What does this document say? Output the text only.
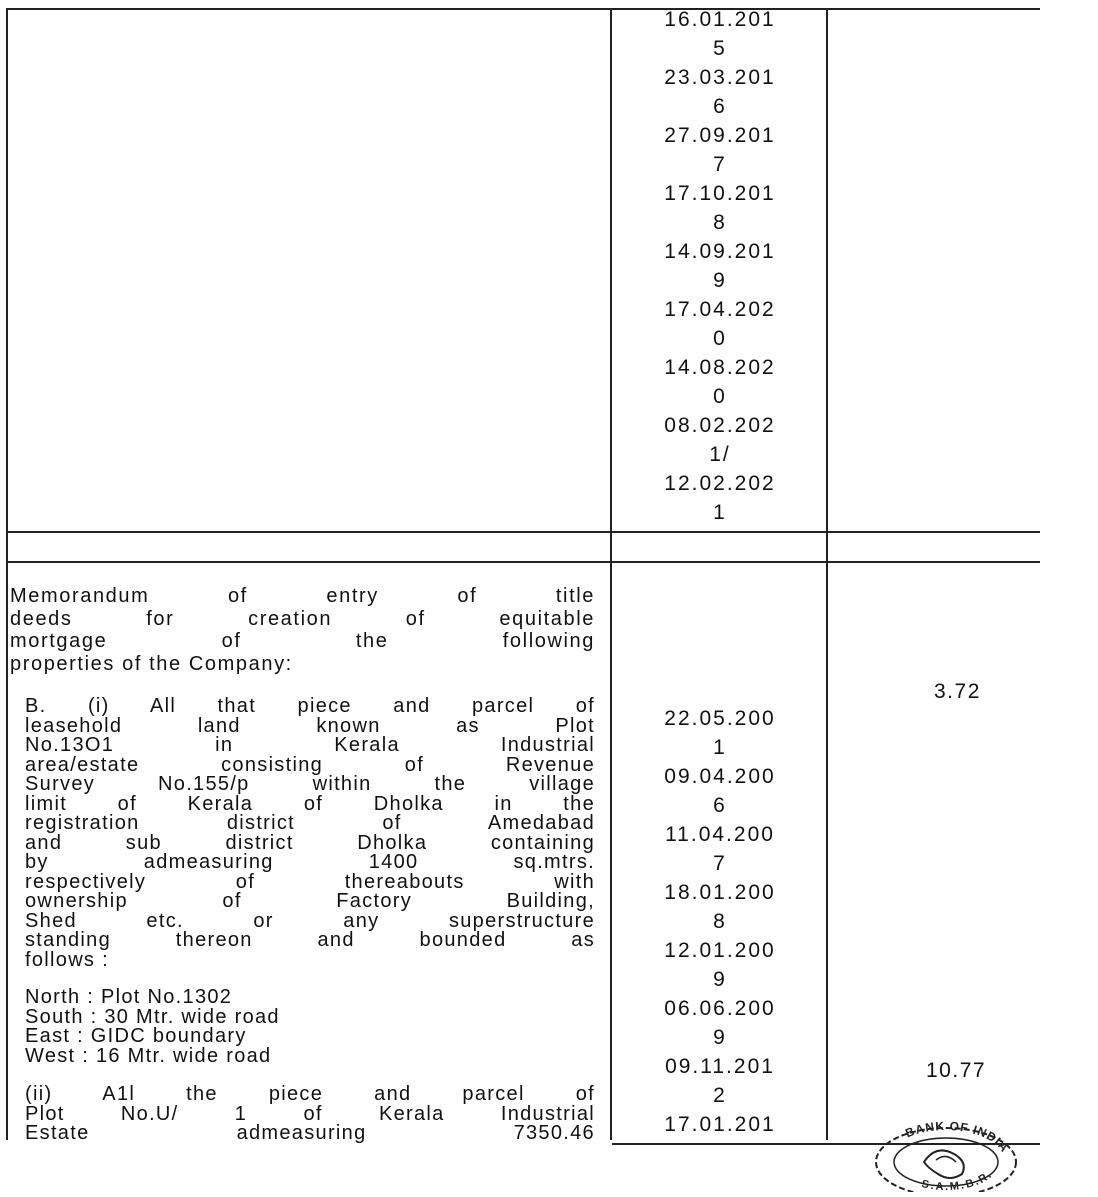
16.01.201
5
23.03.201
6
27.09.201
7
17.10.201
8
14.09.201
9
17.04.202
0
14.08.202
0
08.02.202
1/
12.02.202
1
Memorandum of entry of title
deeds for creation of equitable
mortgage of the following
properties of the Company:
B. (i) All that piece and parcel of
leasehold land known as Plot
No.13O1 in Kerala Industrial
area/estate consisting of Revenue
Survey No.155/p within the village
limit of Kerala of Dholka in the
registration district of Amedabad
and sub district Dholka containing
by admeasuring 1400 sq.mtrs.
respectively of thereabouts with
ownership of Factory Building,
Shed etc. or any superstructure
standing thereon and bounded as
follows :
North : Plot No.1302
South : 30 Mtr. wide road
East : GIDC boundary
West : 16 Mtr. wide road
(ii) A1l the piece and parcel of
Plot No.U/ 1 of Kerala Industrial
Estate admeasuring 7350.46
22.05.200
1
09.04.200
6
11.04.200
7
18.01.200
8
12.01.200
9
06.06.200
9
09.11.201
2
17.01.201
3.72
10.77
BANK OF INDIA
S.A.M.B.R.
